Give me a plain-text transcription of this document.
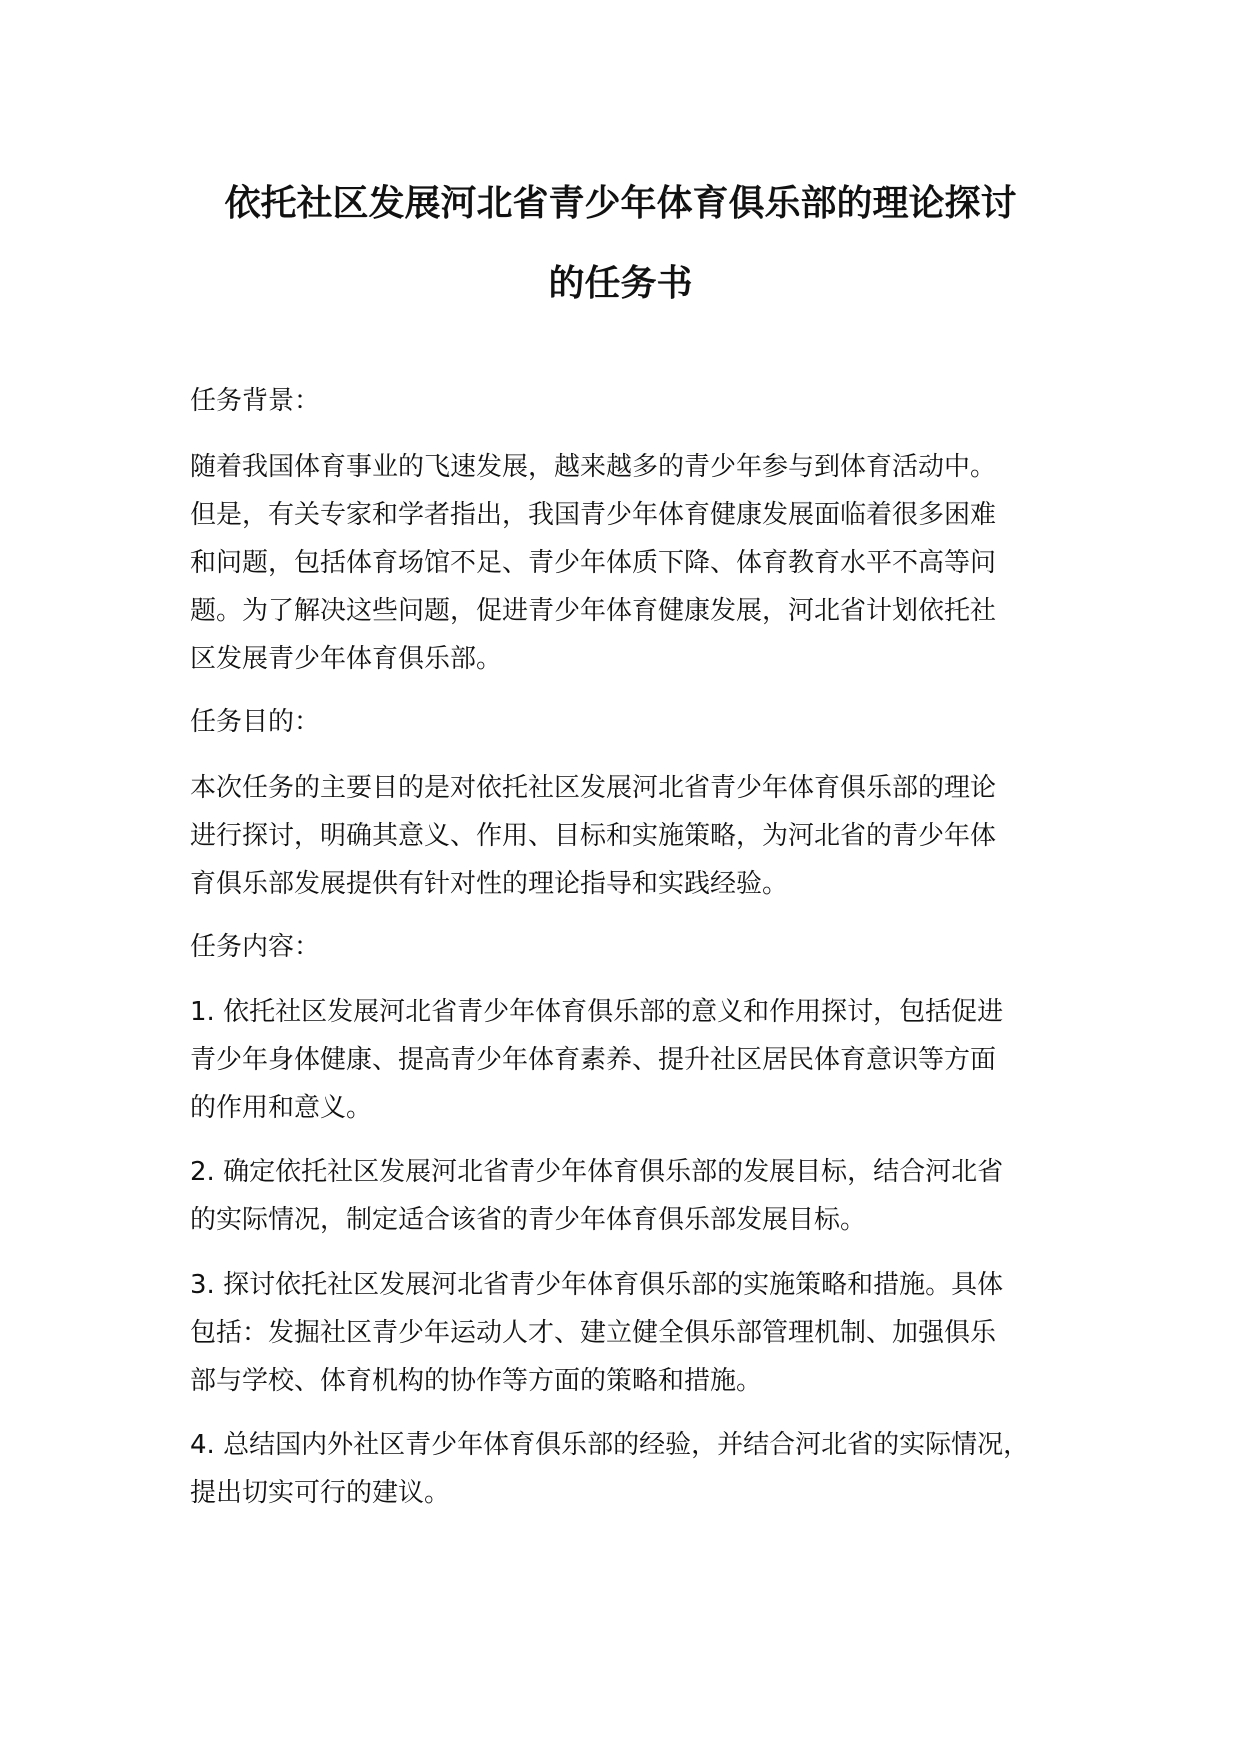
依托社区发展河北省青少年体育俱乐部的理论探讨
的任务书
任务背景：
随着我国体育事业的飞速发展，越来越多的青少年参与到体育活动中。
但是，有关专家和学者指出，我国青少年体育健康发展面临着很多困难
和问题，包括体育场馆不足、青少年体质下降、体育教育水平不高等问
题。为了解决这些问题，促进青少年体育健康发展，河北省计划依托社
区发展青少年体育俱乐部。
任务目的：
本次任务的主要目的是对依托社区发展河北省青少年体育俱乐部的理论
进行探讨，明确其意义、作用、目标和实施策略，为河北省的青少年体
育俱乐部发展提供有针对性的理论指导和实践经验。
任务内容：
1. 依托社区发展河北省青少年体育俱乐部的意义和作用探讨，包括促进
青少年身体健康、提高青少年体育素养、提升社区居民体育意识等方面
的作用和意义。
2. 确定依托社区发展河北省青少年体育俱乐部的发展目标，结合河北省
的实际情况，制定适合该省的青少年体育俱乐部发展目标。
3. 探讨依托社区发展河北省青少年体育俱乐部的实施策略和措施。具体
包括：发掘社区青少年运动人才、建立健全俱乐部管理机制、加强俱乐
部与学校、体育机构的协作等方面的策略和措施。
4. 总结国内外社区青少年体育俱乐部的经验，并结合河北省的实际情况，
提出切实可行的建议。
